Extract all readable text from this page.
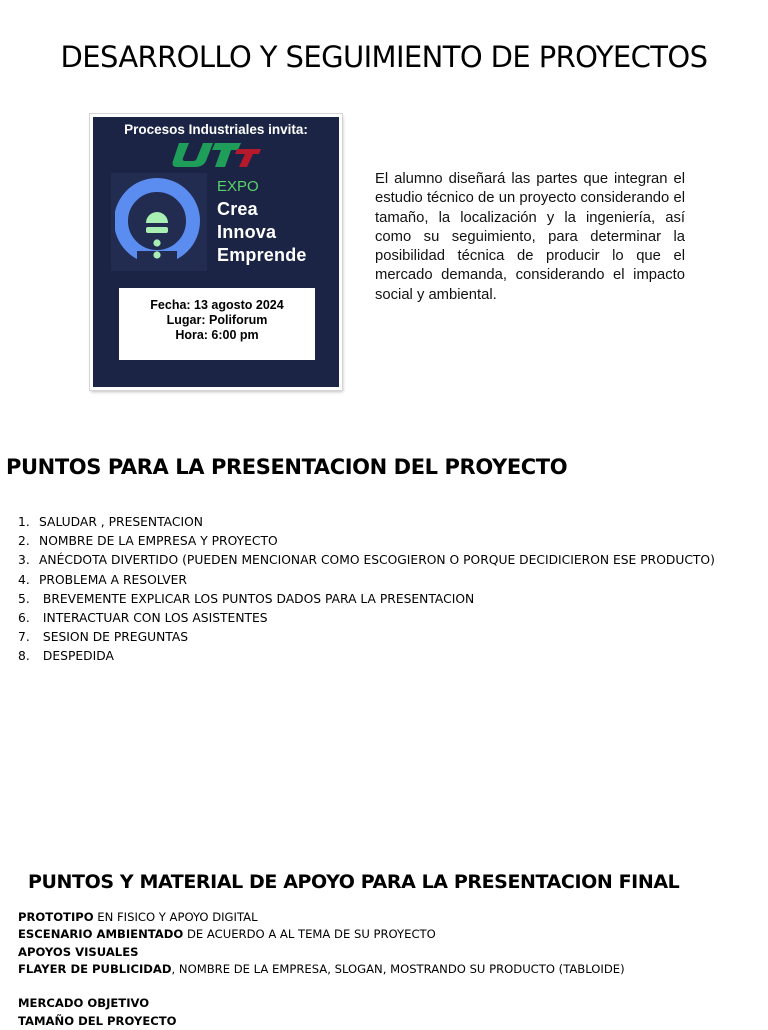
DESARROLLO Y SEGUIMIENTO DE PROYECTOS
Procesos Industriales invita:
EXPO
Crea
Innova
Emprende
Fecha: 13 agosto 2024
Lugar: Poliforum
Hora: 6:00 pm

El alumno diseñará las partes que integran el estudio técnico de un proyecto considerando el tamaño, la localización y la ingeniería, así como su seguimiento, para determinar la posibilidad técnica de producir lo que el mercado demanda, considerando el impacto social y ambiental.

PUNTOS PARA LA PRESENTACION DEL PROYECTO
1. SALUDAR , PRESENTACION
2. NOMBRE DE LA EMPRESA Y PROYECTO
3. ANÉCDOTA DIVERTIDO (PUEDEN MENCIONAR COMO ESCOGIERON O PORQUE DECIDICIERON ESE PRODUCTO)
4. PROBLEMA A RESOLVER
5. BREVEMENTE EXPLICAR LOS PUNTOS DADOS PARA LA PRESENTACION
6. INTERACTUAR CON LOS ASISTENTES
7. SESION DE PREGUNTAS
8. DESPEDIDA
PUNTOS Y MATERIAL DE APOYO PARA LA PRESENTACION FINAL
PROTOTIPO EN FISICO Y APOYO DIGITAL
ESCENARIO AMBIENTADO DE ACUERDO A AL TEMA DE SU PROYECTO
APOYOS VISUALES
FLAYER DE PUBLICIDAD, NOMBRE DE LA EMPRESA, SLOGAN, MOSTRANDO SU PRODUCTO (TABLOIDE)
MERCADO OBJETIVO
TAMAÑO DEL PROYECTO
